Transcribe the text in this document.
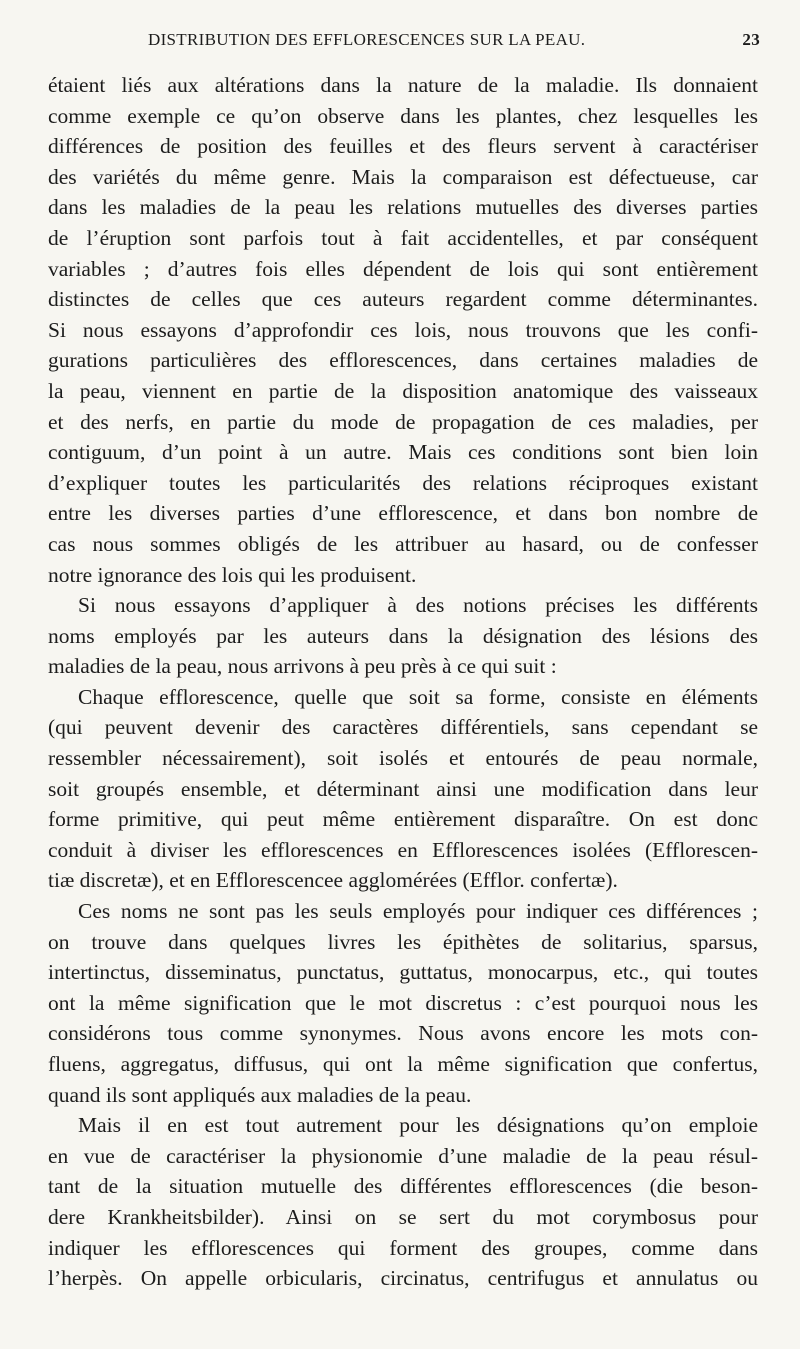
DISTRIBUTION DES EFFLORESCENCES SUR LA PEAU.	23
étaient liés aux altérations dans la nature de la maladie. Ils donnaient
comme exemple ce qu’on observe dans les plantes, chez lesquelles les
différences de position des feuilles et des fleurs servent à caractériser
des variétés du même genre. Mais la comparaison est défectueuse, car
dans les maladies de la peau les relations mutuelles des diverses parties
de l’éruption sont parfois tout à fait accidentelles, et par conséquent
variables ; d’autres fois elles dépendent de lois qui sont entièrement
distinctes de celles que ces auteurs regardent comme déterminantes.
Si nous essayons d’approfondir ces lois, nous trouvons que les confi-
gurations particulières des efflorescences, dans certaines maladies de
la peau, viennent en partie de la disposition anatomique des vaisseaux
et des nerfs, en partie du mode de propagation de ces maladies, per
contiguum, d’un point à un autre. Mais ces conditions sont bien loin
d’expliquer toutes les particularités des relations réciproques existant
entre les diverses parties d’une efflorescence, et dans bon nombre de
cas nous sommes obligés de les attribuer au hasard, ou de confesser
notre ignorance des lois qui les produisent.
Si nous essayons d’appliquer à des notions précises les différents
noms employés par les auteurs dans la désignation des lésions des
maladies de la peau, nous arrivons à peu près à ce qui suit :
Chaque efflorescence, quelle que soit sa forme, consiste en éléments
(qui peuvent devenir des caractères différentiels, sans cependant se
ressembler nécessairement), soit isolés et entourés de peau normale,
soit groupés ensemble, et déterminant ainsi une modification dans leur
forme primitive, qui peut même entièrement disparaître. On est donc
conduit à diviser les efflorescences en Efflorescences isolées (Efflorescen-
tiæ discretæ), et en Efflorescencee agglomérées (Efflor. confertæ).
Ces noms ne sont pas les seuls employés pour indiquer ces différences ;
on trouve dans quelques livres les épithètes de solitarius, sparsus,
intertinctus, disseminatus, punctatus, guttatus, monocarpus, etc., qui toutes
ont la même signification que le mot discretus : c’est pourquoi nous les
considérons tous comme synonymes. Nous avons encore les mots con-
fluens, aggregatus, diffusus, qui ont la même signification que confertus,
quand ils sont appliqués aux maladies de la peau.
Mais il en est tout autrement pour les désignations qu’on emploie
en vue de caractériser la physionomie d’une maladie de la peau résul-
tant de la situation mutuelle des différentes efflorescences (die beson-
dere Krankheitsbilder). Ainsi on se sert du mot corymbosus pour
indiquer les efflorescences qui forment des groupes, comme dans
l’herpès. On appelle orbicularis, circinatus, centrifugus et annulatus ou
